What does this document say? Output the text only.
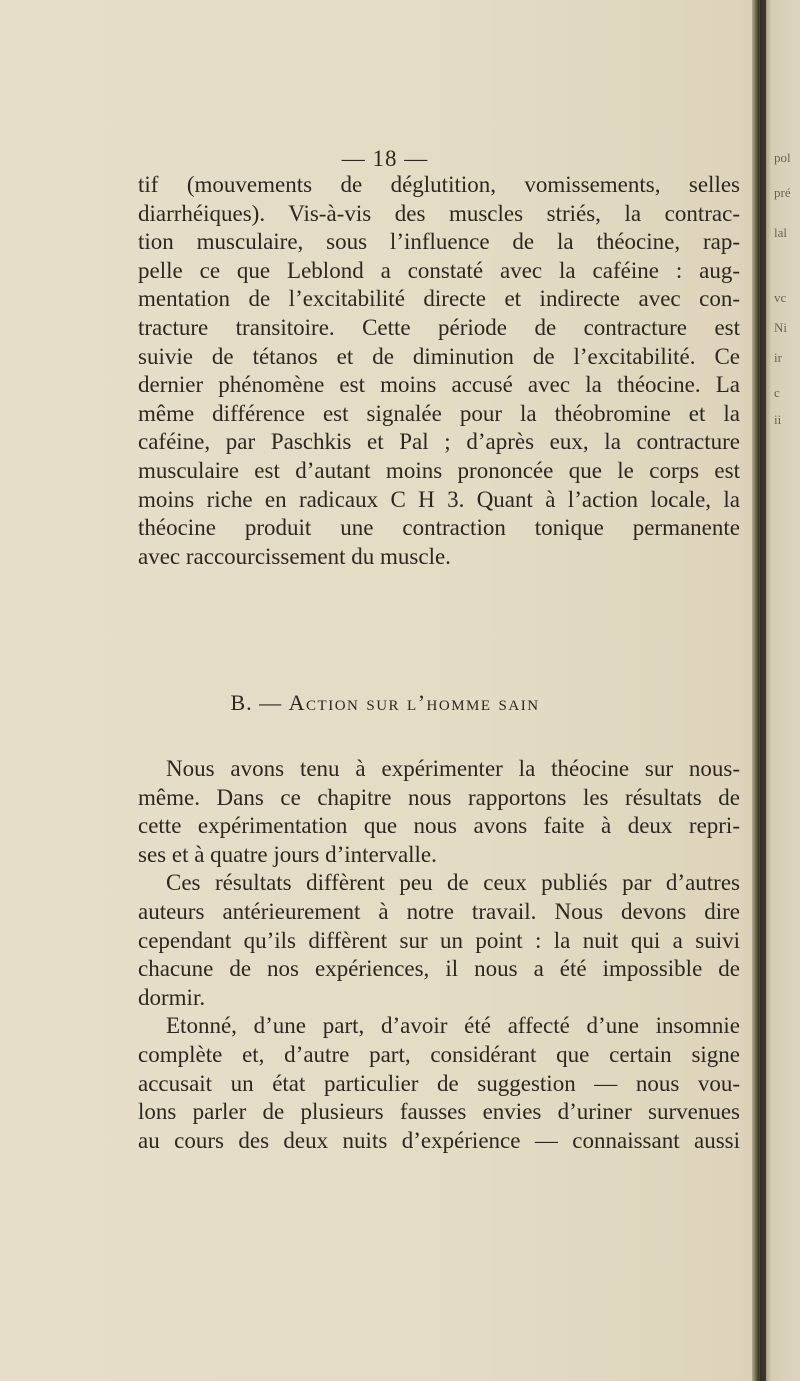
pol
pré
lal
vc
Ni
ir
c
ii
— 18 —
tif (mouvements de déglutition, vomissements, selles
diarrhéiques). Vis-à-vis des muscles striés, la contrac-
tion musculaire, sous l’influence de la théocine, rap-
pelle ce que Leblond a constaté avec la caféine : aug-
mentation de l’excitabilité directe et indirecte avec con-
tracture transitoire. Cette période de contracture est
suivie de tétanos et de diminution de l’excitabilité. Ce
dernier phénomène est moins accusé avec la théocine. La
même différence est signalée pour la théobromine et la
caféine, par Paschkis et Pal ; d’après eux, la contracture
musculaire est d’autant moins prononcée que le corps est
moins riche en radicaux C H 3. Quant à l’action locale, la
théocine produit une contraction tonique permanente
avec raccourcissement du muscle.
B. — Action sur l’homme sain
Nous avons tenu à expérimenter la théocine sur nous-
même. Dans ce chapitre nous rapportons les résultats de
cette expérimentation que nous avons faite à deux repri-
ses et à quatre jours d’intervalle.
Ces résultats diffèrent peu de ceux publiés par d’autres
auteurs antérieurement à notre travail. Nous devons dire
cependant qu’ils diffèrent sur un point : la nuit qui a suivi
chacune de nos expériences, il nous a été impossible de
dormir.
Etonné, d’une part, d’avoir été affecté d’une insomnie
complète et, d’autre part, considérant que certain signe
accusait un état particulier de suggestion — nous vou-
lons parler de plusieurs fausses envies d’uriner survenues
au cours des deux nuits d’expérience — connaissant aussi
